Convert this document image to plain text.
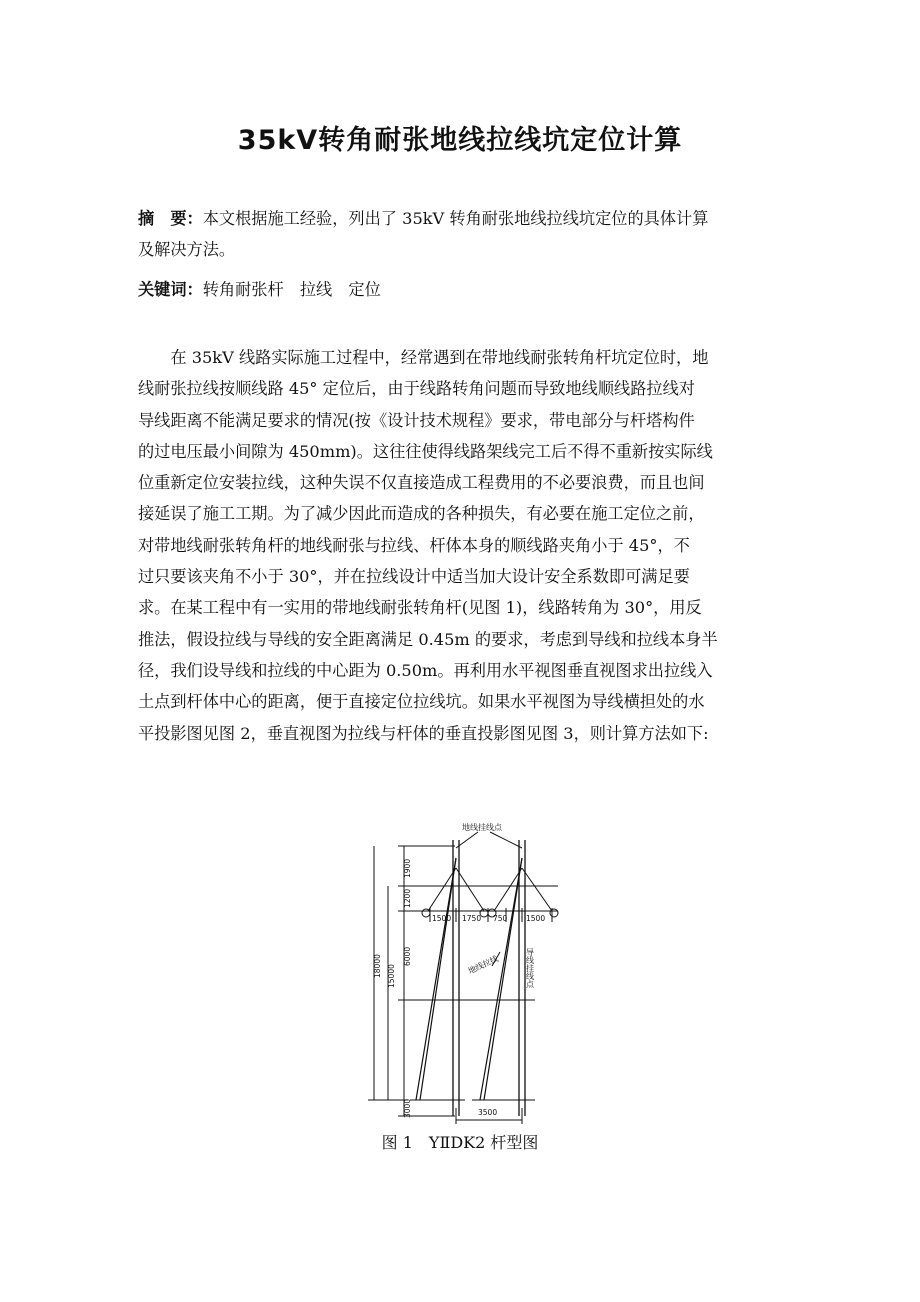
35kV转角耐张地线拉线坑定位计算
摘　要：本文根据施工经验，列出了 35kV 转角耐张地线拉线坑定位的具体计算
及解决方法。
关键词：转角耐张杆　拉线　定位
　　在 35kV 线路实际施工过程中，经常遇到在带地线耐张转角杆坑定位时，地
线耐张拉线按顺线路 45° 定位后，由于线路转角问题而导致地线顺线路拉线对
导线距离不能满足要求的情况(按《设计技术规程》要求，带电部分与杆塔构件
的过电压最小间隙为 450mm)。这往往使得线路架线完工后不得不重新按实际线
位重新定位安装拉线，这种失误不仅直接造成工程费用的不必要浪费，而且也间
接延误了施工工期。为了减少因此而造成的各种损失，有必要在施工定位之前，
对带地线耐张转角杆的地线耐张与拉线、杆体本身的顺线路夹角小于 45°，不
过只要该夹角不小于 30°，并在拉线设计中适当加大设计安全系数即可满足要
求。在某工程中有一实用的带地线耐张转角杆(见图 1)，线路转角为 30°，用反
推法，假设拉线与导线的安全距离满足 0.45m 的要求，考虑到导线和拉线本身半
径，我们设导线和拉线的中心距为 0.50m。再利用水平视图垂直视图求出拉线入
土点到杆体中心的距离，便于直接定位拉线坑。如果水平视图为导线横担处的水
平投影图见图 2，垂直视图为拉线与杆体的垂直投影图见图 3，则计算方法如下:
地线挂线点
地线拉线	导线挂线点
1500 1750 750 1500
3500
1900
1200
6000
3000
15000
18000
图 1　YⅡDK2 杆型图
